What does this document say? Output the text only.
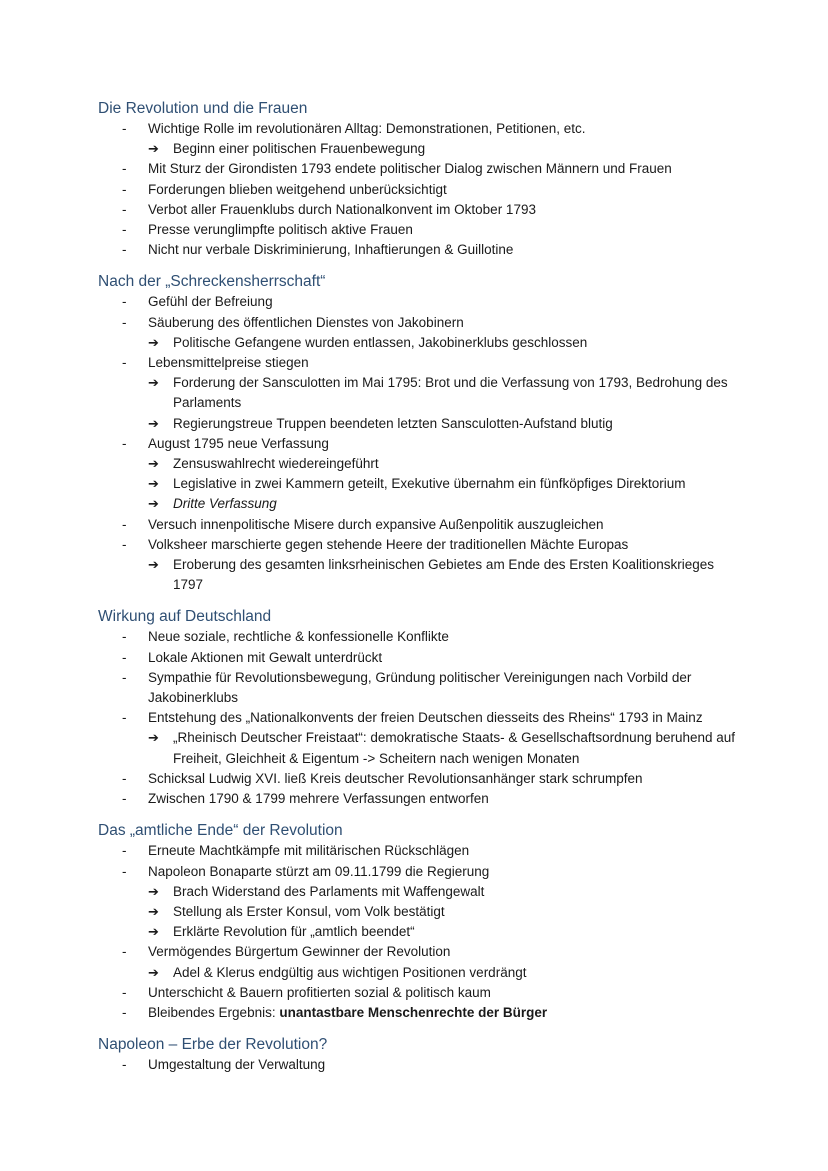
Die Revolution und die Frauen
-	Wichtige Rolle im revolutionären Alltag: Demonstrationen, Petitionen, etc.
➔	Beginn einer politischen Frauenbewegung
-	Mit Sturz der Girondisten 1793 endete politischer Dialog zwischen Männern und Frauen
-	Forderungen blieben weitgehend unberücksichtigt
-	Verbot aller Frauenklubs durch Nationalkonvent im Oktober 1793
-	Presse verunglimpfte politisch aktive Frauen
-	Nicht nur verbale Diskriminierung, Inhaftierungen & Guillotine
Nach der „Schreckensherrschaft“
-	Gefühl der Befreiung
-	Säuberung des öffentlichen Dienstes von Jakobinern
➔	Politische Gefangene wurden entlassen, Jakobinerklubs geschlossen
-	Lebensmittelpreise stiegen
➔	Forderung der Sansculotten im Mai 1795: Brot und die Verfassung von 1793, Bedrohung des Parlaments
➔	Regierungstreue Truppen beendeten letzten Sansculotten-Aufstand blutig
-	August 1795 neue Verfassung
➔	Zensuswahlrecht wiedereingeführt
➔	Legislative in zwei Kammern geteilt, Exekutive übernahm ein fünfköpfiges Direktorium
➔	Dritte Verfassung
-	Versuch innenpolitische Misere durch expansive Außenpolitik auszugleichen
-	Volksheer marschierte gegen stehende Heere der traditionellen Mächte Europas
➔	Eroberung des gesamten linksrheinischen Gebietes am Ende des Ersten Koalitionskrieges 1797
Wirkung auf Deutschland
-	Neue soziale, rechtliche & konfessionelle Konflikte
-	Lokale Aktionen mit Gewalt unterdrückt
-	Sympathie für Revolutionsbewegung, Gründung politischer Vereinigungen nach Vorbild der Jakobinerklubs
-	Entstehung des „Nationalkonvents der freien Deutschen diesseits des Rheins“ 1793 in Mainz
➔	„Rheinisch Deutscher Freistaat“: demokratische Staats- & Gesellschaftsordnung beruhend auf Freiheit, Gleichheit & Eigentum -> Scheitern nach wenigen Monaten
-	Schicksal Ludwig XVI. ließ Kreis deutscher Revolutionsanhänger stark schrumpfen
-	Zwischen 1790 & 1799 mehrere Verfassungen entworfen
Das „amtliche Ende“ der Revolution
-	Erneute Machtkämpfe mit militärischen Rückschlägen
-	Napoleon Bonaparte stürzt am 09.11.1799 die Regierung
➔	Brach Widerstand des Parlaments mit Waffengewalt
➔	Stellung als Erster Konsul, vom Volk bestätigt
➔	Erklärte Revolution für „amtlich beendet“
-	Vermögendes Bürgertum Gewinner der Revolution
➔	Adel & Klerus endgültig aus wichtigen Positionen verdrängt
-	Unterschicht & Bauern profitierten sozial & politisch kaum
-	Bleibendes Ergebnis: unantastbare Menschenrechte der Bürger
Napoleon – Erbe der Revolution?
-	Umgestaltung der Verwaltung
